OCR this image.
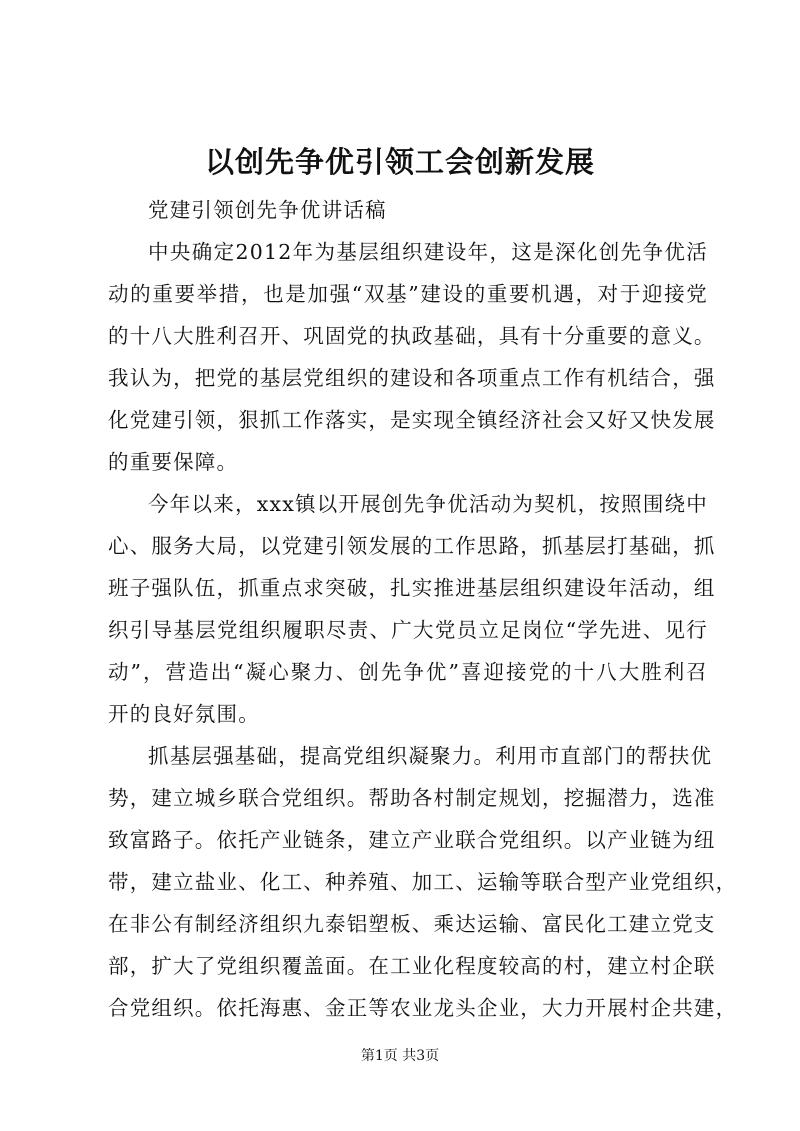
以创先争优引领工会创新发展
党建引领创先争优讲话稿
中央确定2012年为基层组织建设年，这是深化创先争优活
动的重要举措，也是加强“双基”建设的重要机遇，对于迎接党
的十八大胜利召开、巩固党的执政基础，具有十分重要的意义。
我认为，把党的基层党组织的建设和各项重点工作有机结合，强
化党建引领，狠抓工作落实，是实现全镇经济社会又好又快发展
的重要保障。
今年以来，xxx镇以开展创先争优活动为契机，按照围绕中
心、服务大局，以党建引领发展的工作思路，抓基层打基础，抓
班子强队伍，抓重点求突破，扎实推进基层组织建设年活动，组
织引导基层党组织履职尽责、广大党员立足岗位“学先进、见行
动”，营造出“凝心聚力、创先争优”喜迎接党的十八大胜利召
开的良好氛围。
抓基层强基础，提高党组织凝聚力。利用市直部门的帮扶优
势，建立城乡联合党组织。帮助各村制定规划，挖掘潜力，选准
致富路子。依托产业链条，建立产业联合党组织。以产业链为纽
带，建立盐业、化工、种养殖、加工、运输等联合型产业党组织，
在非公有制经济组织九泰铝塑板、乘达运输、富民化工建立党支
部，扩大了党组织覆盖面。在工业化程度较高的村，建立村企联
合党组织。依托海惠、金正等农业龙头企业，大力开展村企共建，
第1页 共3页
